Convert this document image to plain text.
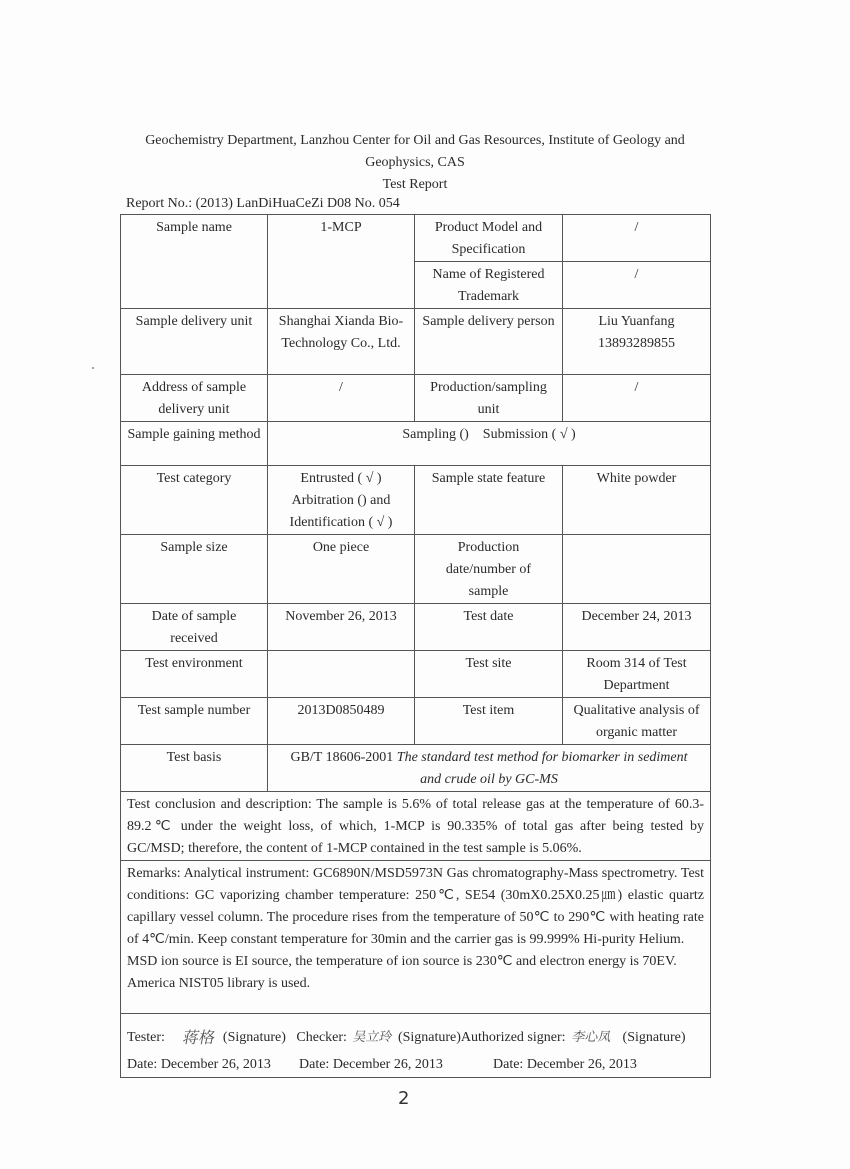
Geochemistry Department, Lanzhou Center for Oil and Gas Resources, Institute of Geology and Geophysics, CAS
Test Report
Report No.: (2013) LanDiHuaCeZi D08 No. 054
Sample name	1-MCP	Product Model and Specification	/
		Name of Registered Trademark	/
Sample delivery unit	Shanghai Xianda Bio-Technology Co., Ltd.	Sample delivery person	Liu Yuanfang 13893289855
Address of sample delivery unit	/	Production/sampling unit	/
Sample gaining method	Sampling ()    Submission ( √ )		
Test category	Entrusted ( √ ) Arbitration () and Identification ( √ )	Sample state feature	White powder
Sample size	One piece	Production date/number of sample	
Date of sample received	November 26, 2013	Test date	December 24, 2013
Test environment		Test site	Room 314 of Test Department
Test sample number	2013D0850489	Test item	Qualitative analysis of organic matter
Test basis	GB/T 18606-2001 The standard test method for biomarker in sediment and crude oil by GC-MS		
Test conclusion and description: The sample is 5.6% of total release gas at the temperature of 60.3-89.2℃ under the weight loss, of which, 1-MCP is 90.335% of total gas after being tested by GC/MSD; therefore, the content of 1-MCP contained in the test sample is 5.06%.			

Remarks: Analytical instrument: GC6890N/MSD5973N Gas chromatography-Mass spectrometry. Test conditions: GC vaporizing chamber temperature: 250℃, SE54 (30mX0.25X0.25㎛) elastic quartz capillary vessel column. The procedure rises from the temperature of 50℃ to 290℃ with heating rate of 4℃/min. Keep constant temperature for 30min and the carrier gas is 99.999% Hi-purity Helium.
MSD ion source is EI source, the temperature of ion source is 230℃ and electron energy is 70EV. America NIST05 library is used.			

Tester: 蒋格 (Signature)   Checker: 吴立玲 (Signature)Authorized signer: 李心凤 (Signature)
Date: December 26, 2013	Date: December 26, 2013	Date: December 26, 2013
2
